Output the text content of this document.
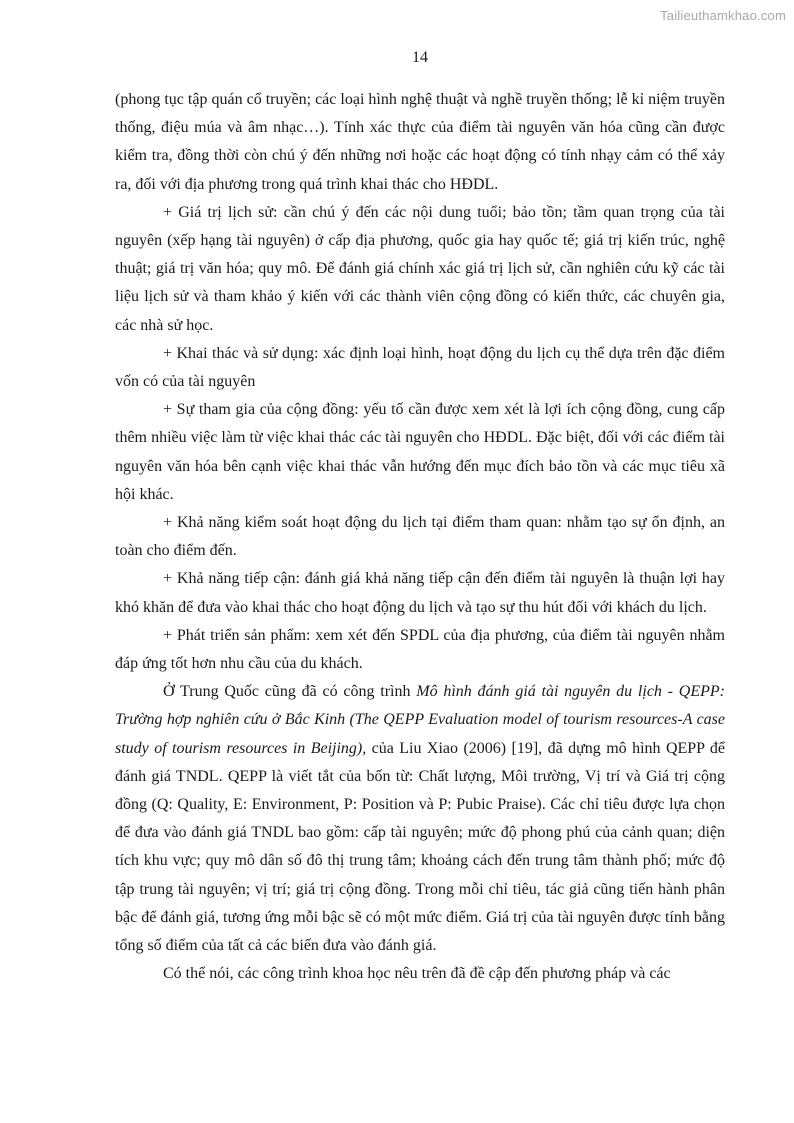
Tailieuthamkhao.com
14

(phong tục tập quán cổ truyền; các loại hình nghệ thuật và nghề truyền thống; lễ kỉ niệm truyền thống, điệu múa và âm nhạc…). Tính xác thực của điểm tài nguyên văn hóa cũng cần được kiểm tra, đồng thời còn chú ý đến những nơi hoặc các hoạt động có tính nhạy cảm có thể xảy ra, đối với địa phương trong quá trình khai thác cho HĐDL.

+ Giá trị lịch sử: cần chú ý đến các nội dung tuổi; bảo tồn; tầm quan trọng của tài nguyên (xếp hạng tài nguyên) ở cấp địa phương, quốc gia hay quốc tế; giá trị kiến trúc, nghệ thuật; giá trị văn hóa; quy mô. Để đánh giá chính xác giá trị lịch sử, cần nghiên cứu kỹ các tài liệu lịch sử và tham khảo ý kiến với các thành viên cộng đồng có kiến thức, các chuyên gia, các nhà sử học.

+ Khai thác và sử dụng: xác định loại hình, hoạt động du lịch cụ thể dựa trên đặc điểm vốn có của tài nguyên

+ Sự tham gia của cộng đồng: yếu tố cần được xem xét là lợi ích cộng đồng, cung cấp thêm nhiều việc làm từ việc khai thác các tài nguyên cho HĐDL. Đặc biệt, đối với các điểm tài nguyên văn hóa bên cạnh việc khai thác vẫn hướng đến mục đích bảo tồn và các mục tiêu xã hội khác.

+ Khả năng kiểm soát hoạt động du lịch tại điểm tham quan: nhằm tạo sự ổn định, an toàn cho điểm đến.

+ Khả năng tiếp cận: đánh giá khả năng tiếp cận đến điểm tài nguyên là thuận lợi hay khó khăn để đưa vào khai thác cho hoạt động du lịch và tạo sự thu hút đối với khách du lịch.

+ Phát triển sản phẩm: xem xét đến SPDL của địa phương, của điểm tài nguyên nhằm đáp ứng tốt hơn nhu cầu của du khách.

Ở Trung Quốc cũng đã có công trình Mô hình đánh giá tài nguyên du lịch - QEPP: Trường hợp nghiên cứu ở Bắc Kinh (The QEPP Evaluation model of tourism resources-A case study of tourism resources in Beijing), của Liu Xiao (2006) [19], đã dựng mô hình QEPP để đánh giá TNDL. QEPP là viết tắt của bốn từ: Chất lượng, Môi trường, Vị trí và Giá trị cộng đồng (Q: Quality, E: Environment, P: Position và P: Pubic Praise). Các chỉ tiêu được lựa chọn để đưa vào đánh giá TNDL bao gồm: cấp tài nguyên; mức độ phong phú của cảnh quan; diện tích khu vực; quy mô dân số đô thị trung tâm; khoảng cách đến trung tâm thành phố; mức độ tập trung tài nguyên; vị trí; giá trị cộng đồng. Trong mỗi chỉ tiêu, tác giả cũng tiến hành phân bậc để đánh giá, tương ứng mỗi bậc sẽ có một mức điểm. Giá trị của tài nguyên được tính bằng tổng số điểm của tất cả các biến đưa vào đánh giá.

Có thể nói, các công trình khoa học nêu trên đã đề cập đến phương pháp và các
